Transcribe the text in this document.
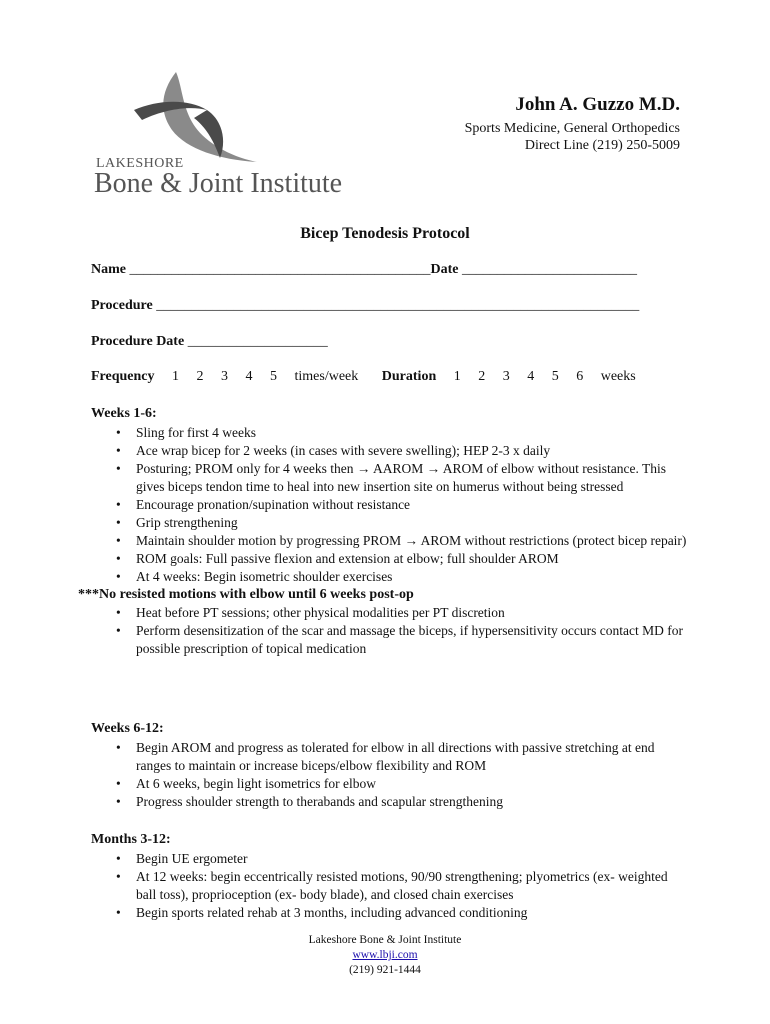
LAKESHORE
Bone & Joint Institute
John A. Guzzo M.D.
Sports Medicine, General Orthopedics
Direct Line (219) 250-5009
Bicep Tenodesis Protocol
Name ___________________________________________Date _________________________
Procedure _____________________________________________________________________
Procedure Date ____________________
Frequency 1 2 3 4 5 times/week Duration 1 2 3 4 5 6 weeks
Weeks 1-6:
• Sling for first 4 weeks
• Ace wrap bicep for 2 weeks (in cases with severe swelling); HEP 2-3 x daily
• Posturing; PROM only for 4 weeks then → AAROM → AROM of elbow without resistance. This gives biceps tendon time to heal into new insertion site on humerus without being stressed
• Encourage pronation/supination without resistance
• Grip strengthening
• Maintain shoulder motion by progressing PROM → AROM without restrictions (protect bicep repair)
• ROM goals: Full passive flexion and extension at elbow; full shoulder AROM
• At 4 weeks: Begin isometric shoulder exercises
***No resisted motions with elbow until 6 weeks post-op
• Heat before PT sessions; other physical modalities per PT discretion
• Perform desensitization of the scar and massage the biceps, if hypersensitivity occurs contact MD for possible prescription of topical medication
Weeks 6-12:
• Begin AROM and progress as tolerated for elbow in all directions with passive stretching at end ranges to maintain or increase biceps/elbow flexibility and ROM
• At 6 weeks, begin light isometrics for elbow
• Progress shoulder strength to therabands and scapular strengthening
Months 3-12:
• Begin UE ergometer
• At 12 weeks: begin eccentrically resisted motions, 90/90 strengthening; plyometrics (ex- weighted ball toss), proprioception (ex- body blade), and closed chain exercises
• Begin sports related rehab at 3 months, including advanced conditioning
Lakeshore Bone & Joint Institute
www.lbji.com
(219) 921-1444
